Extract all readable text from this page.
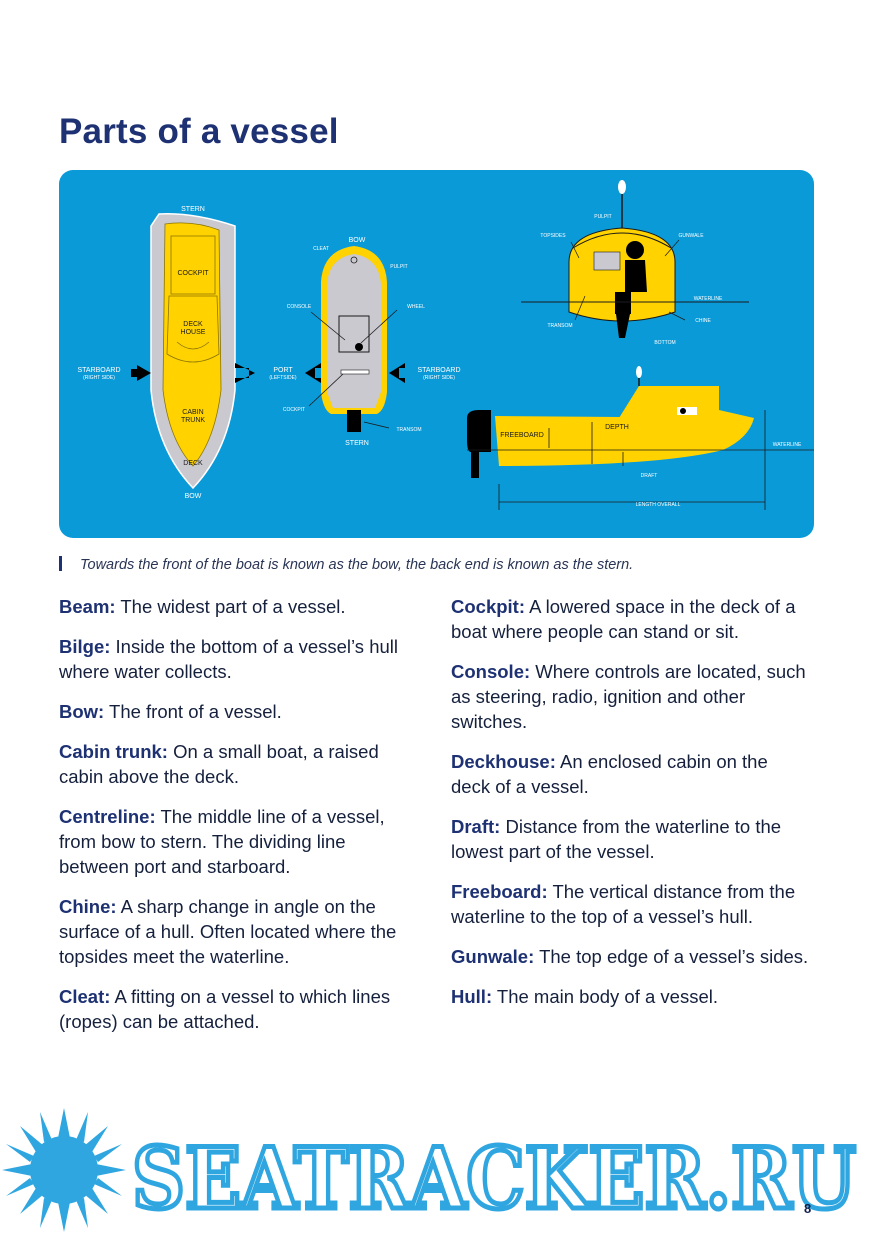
Parts of a vessel
STERN
COCKPIT
DECK
HOUSE
CABIN
TRUNK
DECK
BOW
STARBOARD
(RIGHT SIDE)
BOW
CLEAT
PULPIT
CONSOLE	WHEEL
PORT
(LEFTSIDE)
STARBOARD
(RIGHT SIDE)
COCKPIT
TRANSOM
STERN
PULPIT
TOPSIDES	GUNWALE
WATERLINE
TRANSOM
CHINE
BOTTOM
FREEBOARD
DEPTH
WATERLINE
DRAFT
LENGTH OVERALL
Towards the front of the boat is known as the bow, the back end is known as the stern.

Beam: The widest part of a vessel.

Bilge: Inside the bottom of a vessel’s hull where water collects.

Bow: The front of a vessel.

Cabin trunk: On a small boat, a raised cabin above the deck.

Centreline: The middle line of a vessel, from bow to stern. The dividing line between port and starboard.

Chine: A sharp change in angle on the surface of a hull. Often located where the topsides meet the waterline.

Cleat: A fitting on a vessel to which lines (ropes) can be attached.

Cockpit: A lowered space in the deck of a boat where people can stand or sit.

Console: Where controls are located, such as steering, radio, ignition and other switches.

Deckhouse: An enclosed cabin on the deck of a vessel.

Draft: Distance from the waterline to the lowest part of the vessel.

Freeboard: The vertical distance from the waterline to the top of a vessel’s hull.

Gunwale: The top edge of a vessel’s sides.

Hull: The main body of a vessel.

SEATRACKER.RU
8
